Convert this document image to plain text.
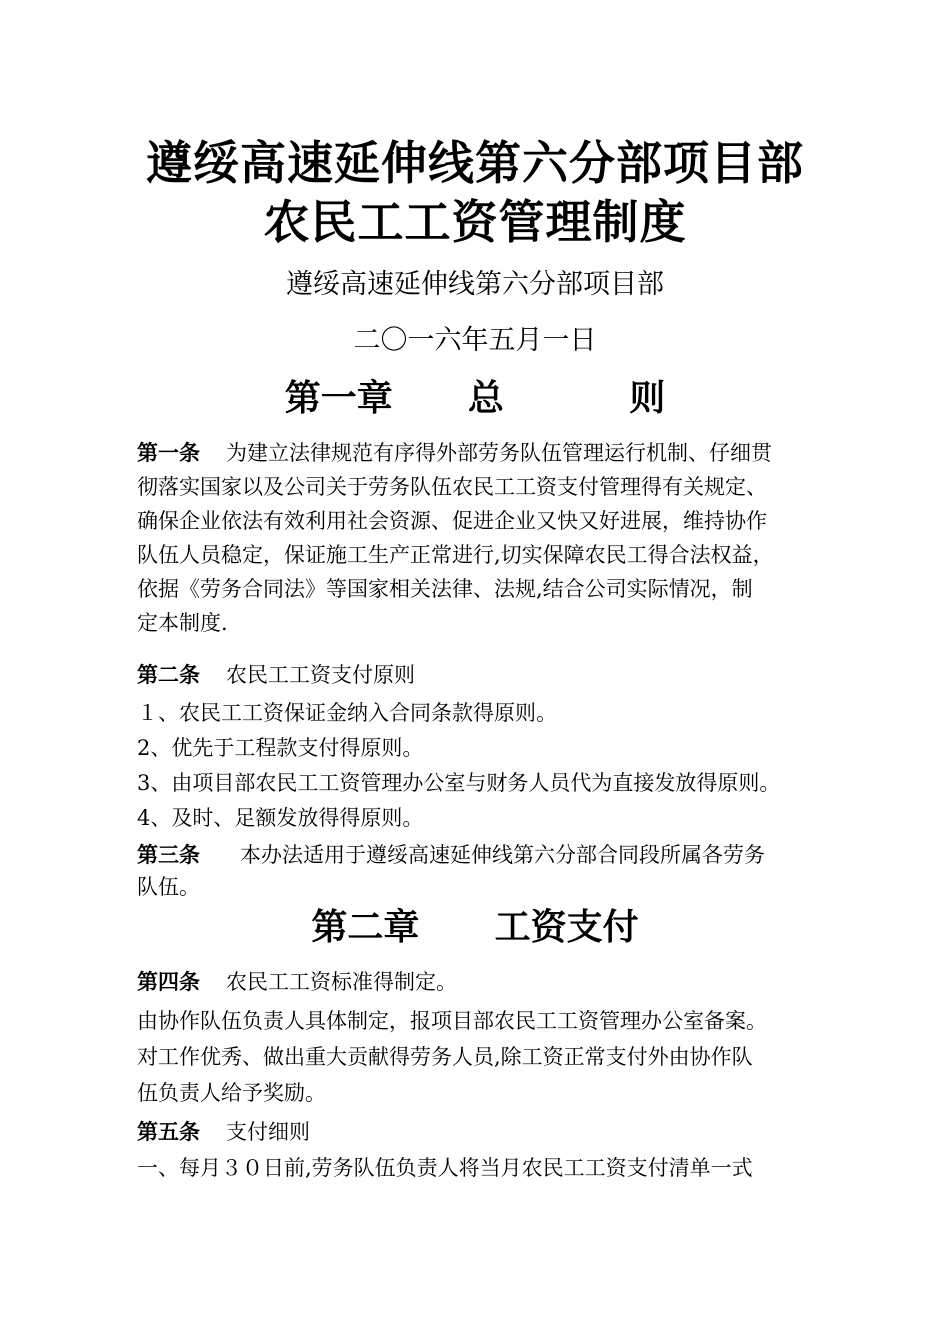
遵绥高速延伸线第六分部项目部
农民工工资管理制度
遵绥高速延伸线第六分部项目部
二〇一六年五月一日
第一章      总          则
第一条 为建立法律规范有序得外部劳务队伍管理运行机制、仔细贯
彻落实国家以及公司关于劳务队伍农民工工资支付管理得有关规定、
确保企业依法有效利用社会资源、促进企业又快又好进展，维持协作
队伍人员稳定，保证施工生产正常进行,切实保障农民工得合法权益，
依据《劳务合同法》等国家相关法律、法规,结合公司实际情况，制
定本制度.
第二条 农民工工资支付原则
１、农民工工资保证金纳入合同条款得原则。
2、优先于工程款支付得原则。
3、由项目部农民工工资管理办公室与财务人员代为直接发放得原则。
4、及时、足额发放得得原则。
第三条 本办法适用于遵绥高速延伸线第六分部合同段所属各劳务
队伍。
第二章      工资支付
第四条 农民工工资标准得制定。
由协作队伍负责人具体制定，报项目部农民工工资管理办公室备案。
对工作优秀、做出重大贡献得劳务人员,除工资正常支付外由协作队
伍负责人给予奖励。
第五条 支付细则
一、每月３０日前,劳务队伍负责人将当月农民工工资支付清单一式
